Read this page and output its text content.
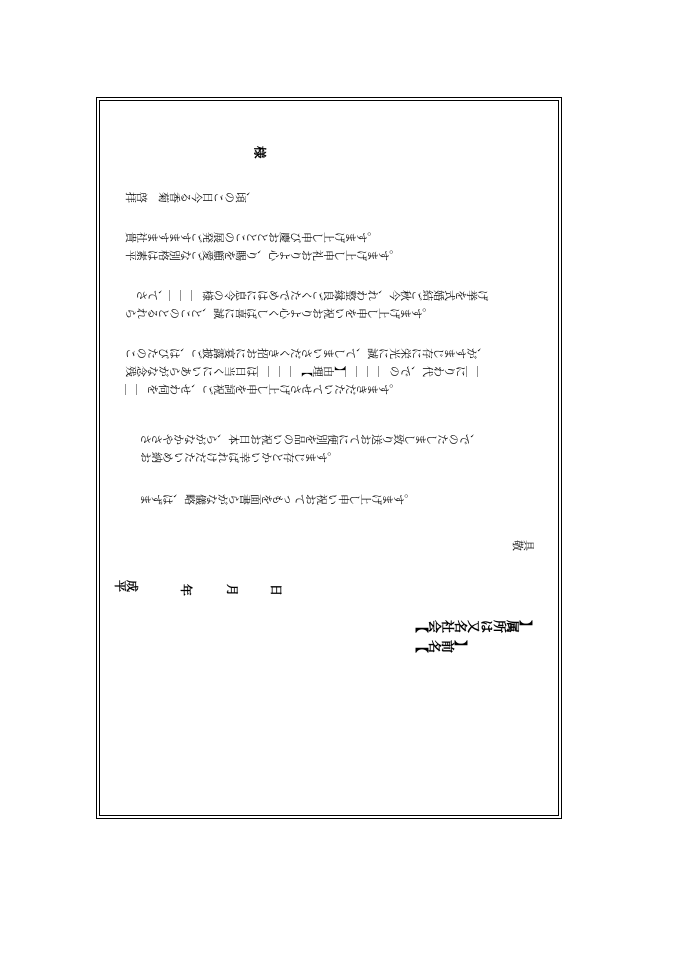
様
拝啓　 菊香る今日この頃、
貴社ますますご発展のこととお慶び申し上げます。
平素は格別なご愛顧を賜り、心よりお礼申し上げます。
さて、＿＿＿様の令息にはめでたくご良縁整われ、今秋ご結婚式を挙げ
られるとのこと、誠に喜ばしく心よりお祝いを申し上げます。
このたびは、ご披露宴にお招きくださいまして、誠に光栄に存じますが、
残念ながらあいにく当日は＿＿＿＿【理由】＿＿＿＿ので、代わりに＿＿
＿＿を伺わせ、ご祝詞を申し上げさせていただきます。
ささやかながら、本日お祝いの品を別便にてお送り致しましたので、
お納めいただければ幸いかと存じます。
まずは、略儀ながら書面をもってお祝い申し上げます。
敬具
平成	年	月	日
【会社名又は所属】
【名前】
